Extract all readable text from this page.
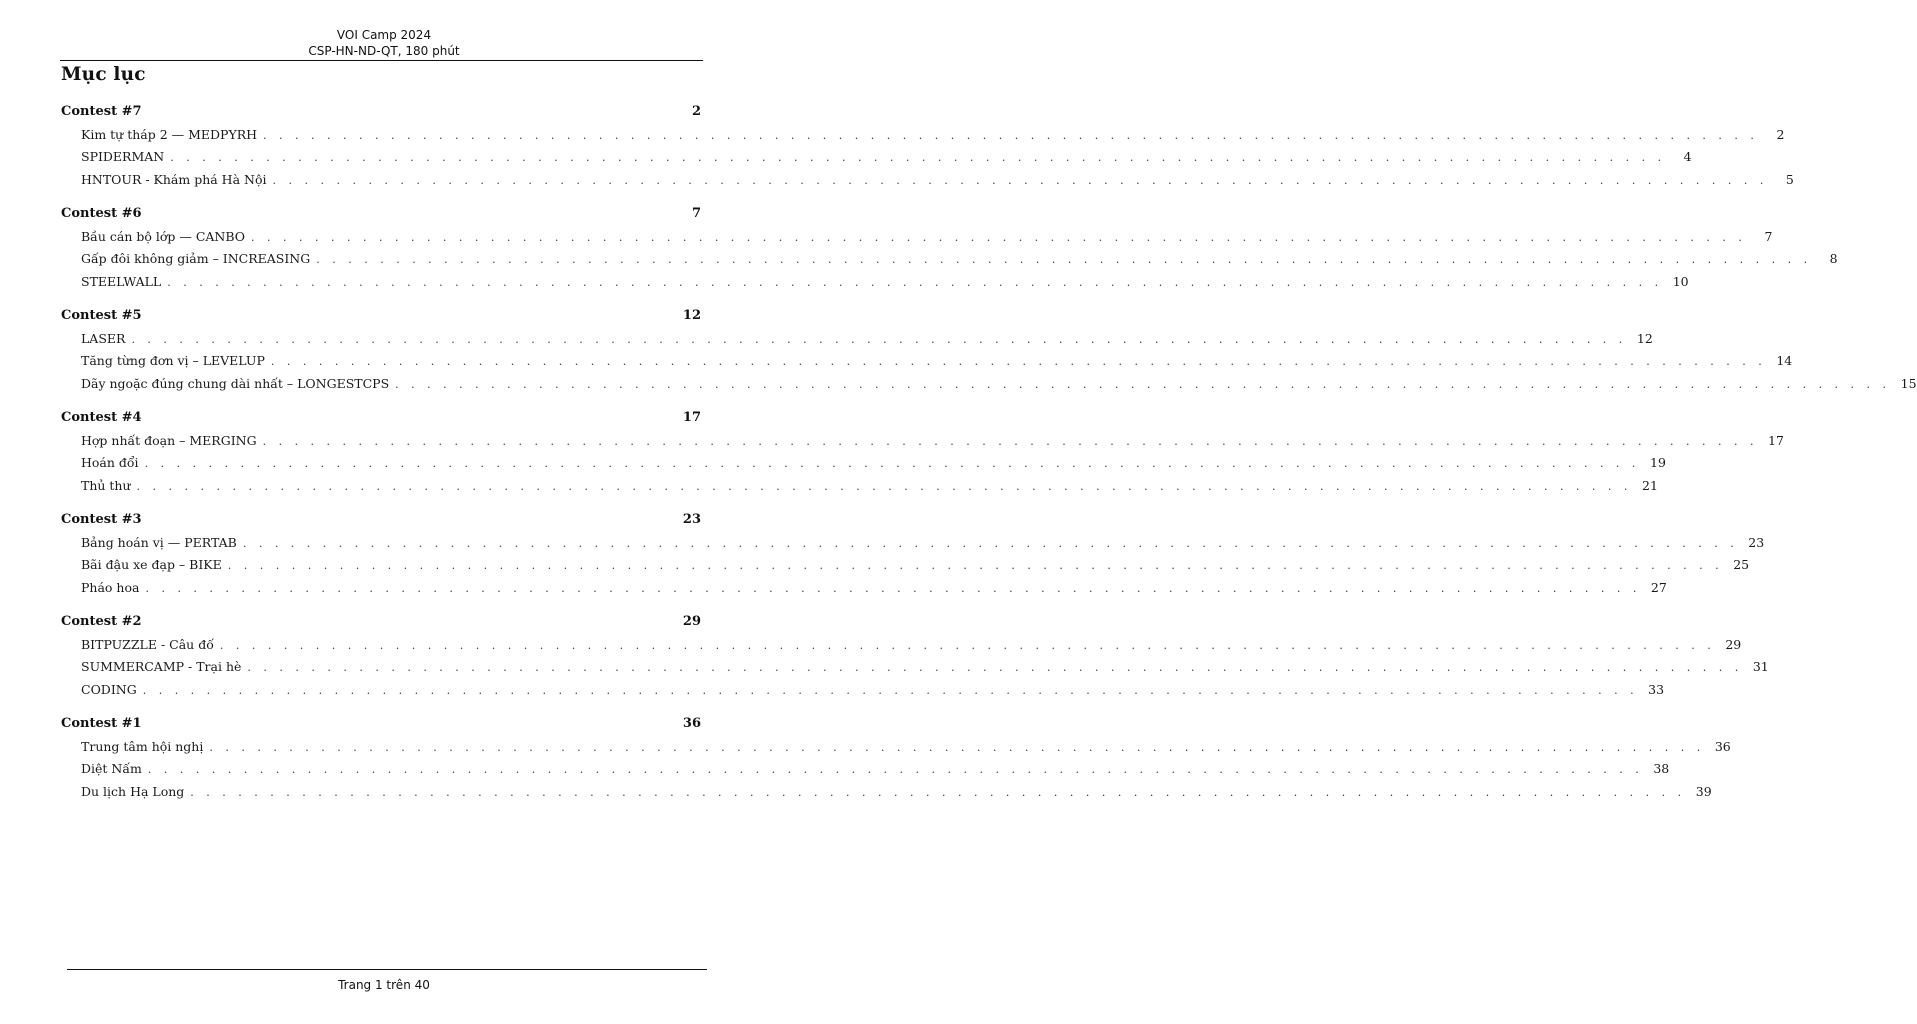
VOI Camp 2024
CSP-HN-ND-QT, 180 phút
Mục lục
Contest #7	2
Kim tự tháp 2 — MEDPYRH . . . . . . . . . . . . . . . . . . . . . . . . . . . . . . . . . . . . . . . . . . . . . . . . . . . . . . . . . . . . . . . . . . . . . . . . . . . . . . . . . . . . . . . . . . . . . .	2
SPIDERMAN . . . . . . . . . . . . . . . . . . . . . . . . . . . . . . . . . . . . . . . . . . . . . . . . . . . . . . . . . . . . . . . . . . . . . . . . . . . . . . . . . . . . . . . . . . . . . .	4
HNTOUR - Khám phá Hà Nội . . . . . . . . . . . . . . . . . . . . . . . . . . . . . . . . . . . . . . . . . . . . . . . . . . . . . . . . . . . . . . . . . . . . . . . . . . . . . . . . . . . . . . . . . . . . . .	5
Contest #6	7
Bầu cán bộ lớp — CANBO . . . . . . . . . . . . . . . . . . . . . . . . . . . . . . . . . . . . . . . . . . . . . . . . . . . . . . . . . . . . . . . . . . . . . . . . . . . . . . . . . . . . . . . . . . . . . .	7
Gấp đôi không giảm – INCREASING . . . . . . . . . . . . . . . . . . . . . . . . . . . . . . . . . . . . . . . . . . . . . . . . . . . . . . . . . . . . . . . . . . . . . . . . . . . . . . . . . . . . . . . . . . . . . .	8
STEELWALL . . . . . . . . . . . . . . . . . . . . . . . . . . . . . . . . . . . . . . . . . . . . . . . . . . . . . . . . . . . . . . . . . . . . . . . . . . . . . . . . . . . . . . . . . . . . . . 10
Contest #5	12
LASER . . . . . . . . . . . . . . . . . . . . . . . . . . . . . . . . . . . . . . . . . . . . . . . . . . . . . . . . . . . . . . . . . . . . . . . . . . . . . . . . . . . . . . . . . . . . . . 12
Tăng từng đơn vị – LEVELUP . . . . . . . . . . . . . . . . . . . . . . . . . . . . . . . . . . . . . . . . . . . . . . . . . . . . . . . . . . . . . . . . . . . . . . . . . . . . . . . . . . . . . . . . . . . . . . 14
Dãy ngoặc đúng chung dài nhất – LONGESTCPS . . . . . . . . . . . . . . . . . . . . . . . . . . . . . . . . . . . . . . . . . . . . . . . . . . . . . . . . . . . . . . . . . . . . . . . . . . . . . . . . . . . . . . . . . . . . . . 15
Contest #4	17
Hợp nhất đoạn – MERGING . . . . . . . . . . . . . . . . . . . . . . . . . . . . . . . . . . . . . . . . . . . . . . . . . . . . . . . . . . . . . . . . . . . . . . . . . . . . . . . . . . . . . . . . . . . . . . 17
Hoán đổi . . . . . . . . . . . . . . . . . . . . . . . . . . . . . . . . . . . . . . . . . . . . . . . . . . . . . . . . . . . . . . . . . . . . . . . . . . . . . . . . . . . . . . . . . . . . . . 19
Thủ thư . . . . . . . . . . . . . . . . . . . . . . . . . . . . . . . . . . . . . . . . . . . . . . . . . . . . . . . . . . . . . . . . . . . . . . . . . . . . . . . . . . . . . . . . . . . . . . 21
Contest #3	23
Bảng hoán vị — PERTAB . . . . . . . . . . . . . . . . . . . . . . . . . . . . . . . . . . . . . . . . . . . . . . . . . . . . . . . . . . . . . . . . . . . . . . . . . . . . . . . . . . . . . . . . . . . . . . 23
Bãi đậu xe đạp – BIKE . . . . . . . . . . . . . . . . . . . . . . . . . . . . . . . . . . . . . . . . . . . . . . . . . . . . . . . . . . . . . . . . . . . . . . . . . . . . . . . . . . . . . . . . . . . . . . 25
Pháo hoa . . . . . . . . . . . . . . . . . . . . . . . . . . . . . . . . . . . . . . . . . . . . . . . . . . . . . . . . . . . . . . . . . . . . . . . . . . . . . . . . . . . . . . . . . . . . . . 27
Contest #2	29
BITPUZZLE - Câu đố . . . . . . . . . . . . . . . . . . . . . . . . . . . . . . . . . . . . . . . . . . . . . . . . . . . . . . . . . . . . . . . . . . . . . . . . . . . . . . . . . . . . . . . . . . . . . . 29
SUMMERCAMP - Trại hè . . . . . . . . . . . . . . . . . . . . . . . . . . . . . . . . . . . . . . . . . . . . . . . . . . . . . . . . . . . . . . . . . . . . . . . . . . . . . . . . . . . . . . . . . . . . . . 31
CODING . . . . . . . . . . . . . . . . . . . . . . . . . . . . . . . . . . . . . . . . . . . . . . . . . . . . . . . . . . . . . . . . . . . . . . . . . . . . . . . . . . . . . . . . . . . . . . 33
Contest #1	36
Trung tâm hội nghị . . . . . . . . . . . . . . . . . . . . . . . . . . . . . . . . . . . . . . . . . . . . . . . . . . . . . . . . . . . . . . . . . . . . . . . . . . . . . . . . . . . . . . . . . . . . . . 36
Diệt Nấm . . . . . . . . . . . . . . . . . . . . . . . . . . . . . . . . . . . . . . . . . . . . . . . . . . . . . . . . . . . . . . . . . . . . . . . . . . . . . . . . . . . . . . . . . . . . . . 38
Du lịch Hạ Long . . . . . . . . . . . . . . . . . . . . . . . . . . . . . . . . . . . . . . . . . . . . . . . . . . . . . . . . . . . . . . . . . . . . . . . . . . . . . . . . . . . . . . . . . . . . . . 39
Trang 1 trên 40
